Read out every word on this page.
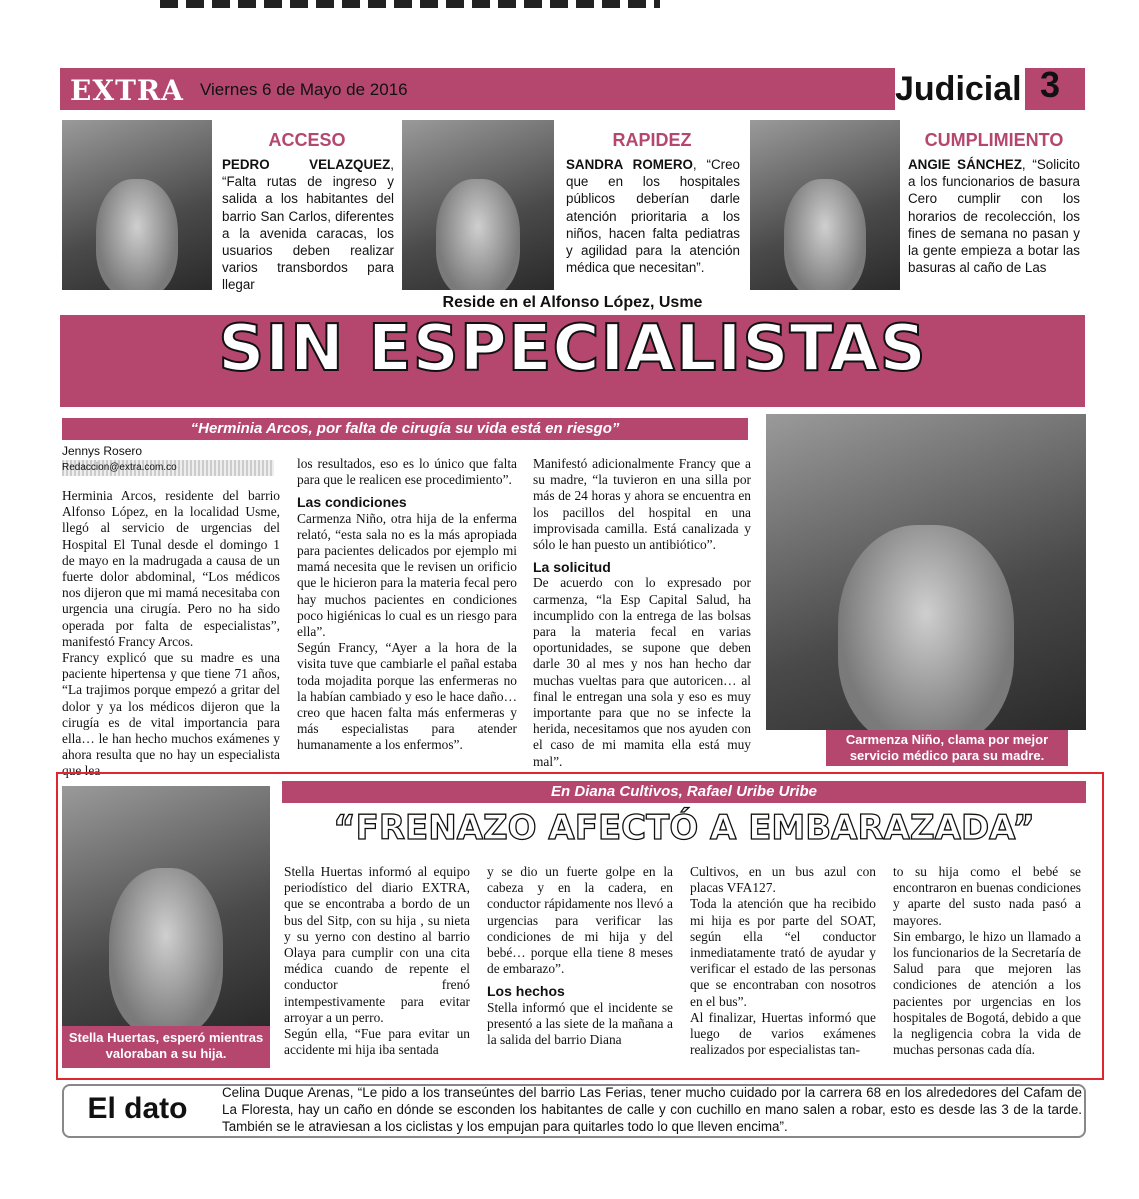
EXTRA Viernes 6 de Mayo de 2016	Judicial 3
ACCESO
PEDRO VELAZQUEZ, “Falta rutas de ingreso y salida a los habitantes del barrio San Carlos, diferentes a la avenida caracas, los usuarios deben realizar varios transbordos para llegar
RAPIDEZ
SANDRA ROMERO, “Creo que en los hospitales públicos deberían darle atención prioritaria a los niños, hacen falta pediatras y agilidad para la atención médica que necesitan”.
CUMPLIMIENTO
ANGIE SÁNCHEZ, “Solicito a los funcionarios de basura Cero cumplir con los horarios de recolección, los fines de semana no pasan y la gente empieza a botar las basuras al caño de Las
Reside en el Alfonso López, Usme
SIN ESPECIALISTAS
“Herminia Arcos, por falta de cirugía su vida está en riesgo”
Jennys Rosero
Redaccion@extra.com.co

Herminia Arcos, residente del barrio Alfonso López, en la localidad Usme, llegó al servicio de urgencias del Hospital El Tunal desde el domingo 1 de mayo en la madrugada a causa de un fuerte dolor abdominal, “Los médicos nos dijeron que mi mamá necesitaba con urgencia una cirugía. Pero no ha sido operada por falta de especialistas”, manifestó Francy Arcos.

Francy explicó que su madre es una paciente hipertensa y que tiene 71 años, “La trajimos porque empezó a gritar del dolor y ya los médicos dijeron que la cirugía es de vital importancia para ella… le han hecho muchos exámenes y ahora resulta que no hay un especialista que lea

los resultados, eso es lo único que falta para que le realicen ese procedimiento”.

Las condiciones

Carmenza Niño, otra hija de la enferma relató, “esta sala no es la más apropiada para pacientes delicados por ejemplo mi mamá necesita que le revisen un orificio que le hicieron para la materia fecal pero hay muchos pacientes en condiciones poco higiénicas lo cual es un riesgo para ella”.

Según Francy, “Ayer a la hora de la visita tuve que cambiarle el pañal estaba toda mojadita porque las enfermeras no la habían cambiado y eso le hace daño… creo que hacen falta más enfermeras y más especialistas para atender humanamente a los enfermos”.

Manifestó adicionalmente Francy que a su madre, “la tuvieron en una silla por más de 24 horas y ahora se encuentra en los pacillos del hospital en una improvisada camilla. Está canalizada y sólo le han puesto un antibiótico”.

La solicitud

De acuerdo con lo expresado por carmenza, “la Esp Capital Salud, ha incumplido con la entrega de las bolsas para la materia fecal en varias oportunidades, se supone que deben darle 30 al mes y nos han hecho dar muchas vueltas para que autoricen… al final le entregan una sola y eso es muy importante para que no se infecte la herida, necesitamos que nos ayuden con el caso de mi mamita ella está muy mal”.

Carmenza Niño, clama por mejor servicio médico para su madre.
Stella Huertas, esperó mientras valoraban a su hija.
En Diana Cultivos, Rafael Uribe Uribe
“FRENAZO AFECTÓ A EMBARAZADA”

Stella Huertas informó al equipo periodístico del diario EXTRA, que se encontraba a bordo de un bus del Sitp, con su hija , su nieta y su yerno con destino al barrio Olaya para cumplir con una cita médica cuando de repente el conductor frenó intempestivamente para evitar arroyar a un perro.

Según ella, “Fue para evitar un accidente mi hija iba sentada

y se dio un fuerte golpe en la cabeza y en la cadera, en conductor rápidamente nos llevó a urgencias para verificar las condiciones de mi hija y del bebé… porque ella tiene 8 meses de embarazo”.

Los hechos

Stella informó que el incidente se presentó a las siete de la mañana a la salida del barrio Diana

Cultivos, en un bus azul con placas VFA127.

Toda la atención que ha recibido mi hija es por parte del SOAT, según ella “el conductor inmediatamente trató de ayudar y verificar el estado de las personas que se encontraban con nosotros en el bus”.

Al finalizar, Huertas informó que luego de varios exámenes realizados por especialistas tan-

to su hija como el bebé se encontraron en buenas condiciones y aparte del susto nada pasó a mayores.

Sin embargo, le hizo un llamado a los funcionarios de la Secretaría de Salud para que mejoren las condiciones de atención a los pacientes por urgencias en los hospitales de Bogotá, debido a que la negligencia cobra la vida de muchas personas cada día.

El dato	Celina Duque Arenas, “Le pido a los transeúntes del barrio Las Ferias, tener mucho cuidado por la carrera 68 en los alrededores del Cafam de La Floresta, hay un caño en dónde se esconden los habitantes de calle y con cuchillo en mano salen a robar, esto es desde las 3 de la tarde. También se le atraviesan a los ciclistas y los empujan para quitarles todo lo que lleven encima”.
